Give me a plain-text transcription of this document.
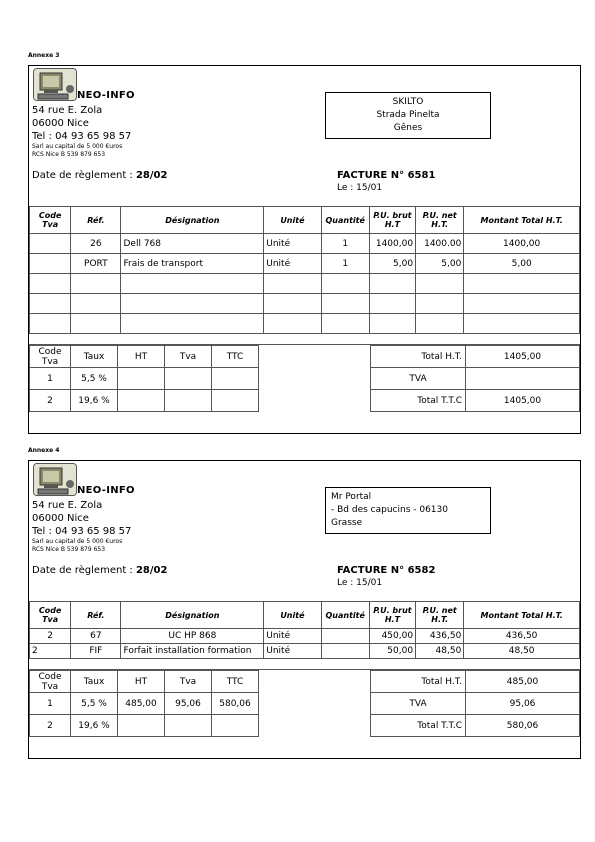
Annexe 3
NEO-INFO
54 rue E. Zola
06000 Nice
Tel : 04 93 65 98 57
Sarl au capital de 5 000 €uros
RCS Nice B 539 879 653
Date de règlement : 28/02
SKILTO
Strada Pinelta
Gênes
FACTURE N° 6581
Le : 15/01
Code Tva	Réf.	Désignation	Unité	Quantité	P.U. brut H.T	P.U. net H.T.	Montant Total H.T.
	26	Dell 768	Unité	1	1400,00	1400.00	1400,00
	PORT	Frais de transport	Unité	1	5,00	5,00	5,00

Code Tva	Taux	HT	Tva	TTC
1	5,5 %			
2	19,6 %			
Total H.T.	1405,00
TVA	
Total T.T.C	1405,00
Annexe 4
NEO-INFO
54 rue E. Zola
06000 Nice
Tel : 04 93 65 98 57
Sarl au capital de 5 000 €uros
RCS Nice B 539 879 653
Date de règlement : 28/02
Mr Portal
- Bd des capucins - 06130
Grasse
FACTURE N° 6582
Le : 15/01
Code Tva	Réf.	Désignation	Unité	Quantité	P.U. brut H.T	P.U. net H.T.	Montant Total H.T.
2	67	UC HP 868	Unité		450,00	436,50	436,50
2	FIF	Forfait installation formation	Unité		50,00	48,50	48,50
Code Tva	Taux	HT	Tva	TTC
1	5,5 %	485,00	95,06	580,06
2	19,6 %			
Total H.T.	485,00
TVA	95,06
Total T.T.C	580,06
